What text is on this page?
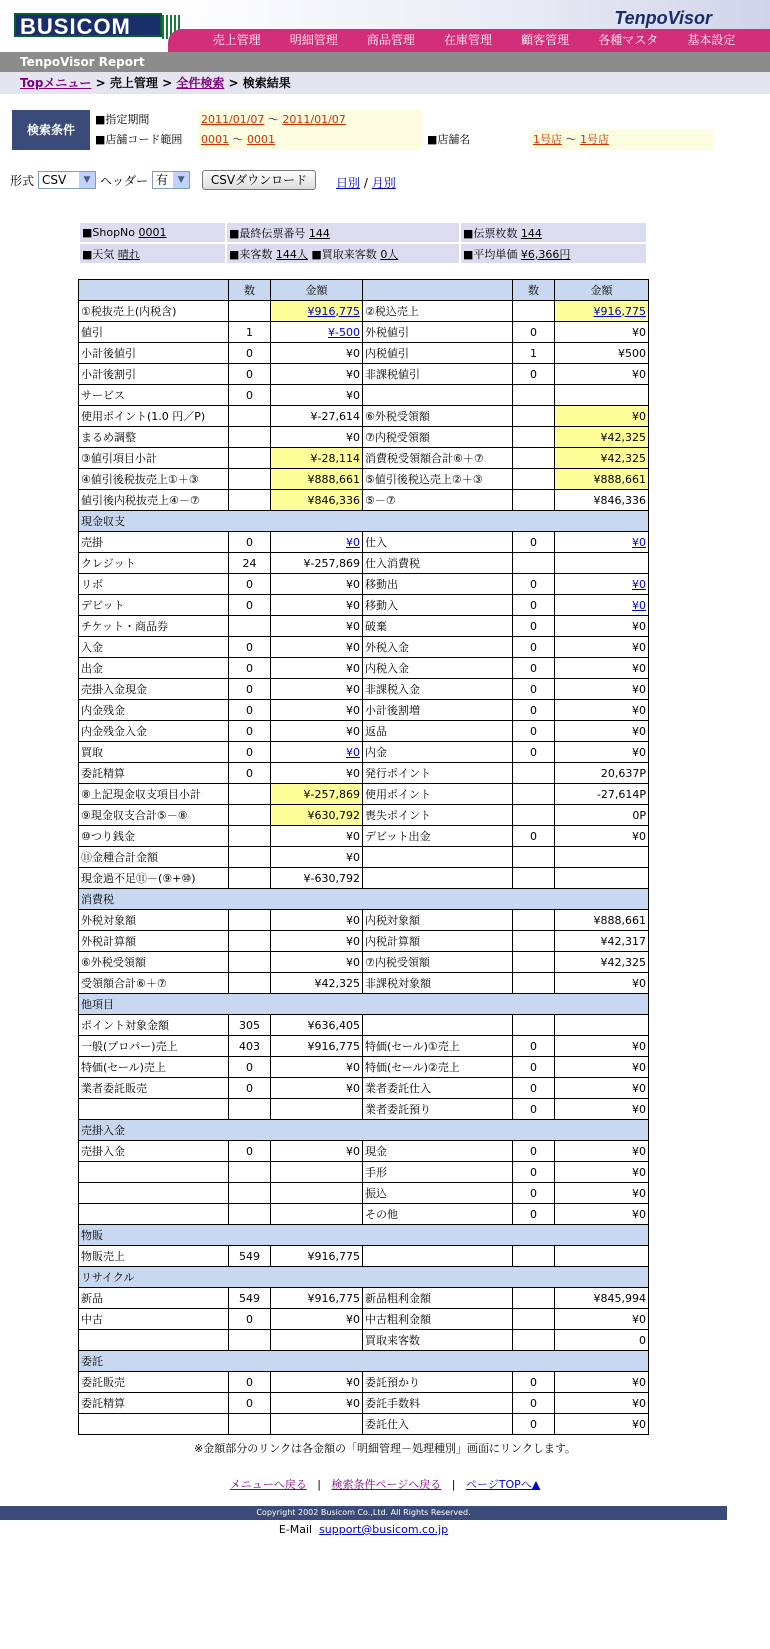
BUSICOM	TenpoVisor
売上管理 明細管理 商品管理 在庫管理 顧客管理 各種マスタ 基本設定
TenpoVisor Report
Topメニュー > 売上管理 > 全件検索 > 検索結果
検索条件
■指定期間	2011/01/07 〜 2011/01/07
■店舗コード範囲	0001 〜 0001	■店舗名	1号店 〜 1号店
形式 CSV	▼ ヘッダー 有	▼	CSVダウンロード	日別 / 月別
■ShopNo 0001	■最終伝票番号 144	■伝票枚数 144
■天気 晴れ	■来客数 144人 ■買取来客数 0人	■平均単価 ¥6,366円
	数	金額		数	金額
①税抜売上(内税含)		¥916,775	②税込売上		¥916,775
値引	1	¥-500	外税値引	0	¥0
小計後値引	0	¥0	内税値引	1	¥500
小計後割引	0	¥0	非課税値引	0	¥0
サービス	0	¥0			
使用ポイント(1.0 円／P)		¥-27,614	⑥外税受領額		¥0
まるめ調整		¥0	⑦内税受領額		¥42,325
③値引項目小計		¥-28,114	消費税受領額合計⑥＋⑦		¥42,325
④値引後税抜売上①＋③		¥888,661	⑤値引後税込売上②＋③		¥888,661
値引後内税抜売上④－⑦		¥846,336	⑤－⑦		¥846,336
現金収支					
売掛	0	¥0	仕入	0	¥0
クレジット	24	¥-257,869	仕入消費税		
リボ	0	¥0	移動出	0	¥0
デビット	0	¥0	移動入	0	¥0
チケット・商品券		¥0	破棄	0	¥0
入金	0	¥0	外税入金	0	¥0
出金	0	¥0	内税入金	0	¥0
売掛入金現金	0	¥0	非課税入金	0	¥0
内金残金	0	¥0	小計後割増	0	¥0
内金残金入金	0	¥0	返品	0	¥0
買取	0	¥0	内金	0	¥0
委託精算	0	¥0	発行ポイント		20,637P
⑧上記現金収支項目小計		¥-257,869	使用ポイント		-27,614P
⑨現金収支合計⑤－⑧		¥630,792	喪失ポイント		0P
⑩つり銭金		¥0	デビット出金	0	¥0
⑪金種合計金額		¥0			
現金過不足⑪－(⑨+⑩)		¥-630,792			
消費税					
外税対象額		¥0	内税対象額		¥888,661
外税計算額		¥0	内税計算額		¥42,317
⑥外税受領額		¥0	⑦内税受領額		¥42,325
受領額合計⑥＋⑦		¥42,325	非課税対象額		¥0
他項目					
ポイント対象金額	305	¥636,405			
一般(プロパー)売上	403	¥916,775	特価(セール)①売上	0	¥0
特価(セール)売上	0	¥0	特価(セール)②売上	0	¥0
業者委託販売	0	¥0	業者委託仕入	0	¥0
			業者委託預り	0	¥0
売掛入金					
売掛入金	0	¥0	現金	0	¥0
			手形	0	¥0
			振込	0	¥0
			その他	0	¥0
物販					
物販売上	549	¥916,775			
リサイクル					
新品	549	¥916,775	新品粗利金額		¥845,994
中古	0	¥0	中古粗利金額		¥0
			買取来客数		0
委託					
委託販売	0	¥0	委託預かり	0	¥0
委託精算	0	¥0	委託手数料	0	¥0
			委託仕入	0	¥0
※金額部分のリンクは各金額の「明細管理－処理種別」画面にリンクします。
メニューへ戻る | 検索条件ページへ戻る | ページTOPへ▲
Copyright 2002 Busicom Co.,Ltd. All Rights Reserved.
E-Mail support@busicom.co.jp
